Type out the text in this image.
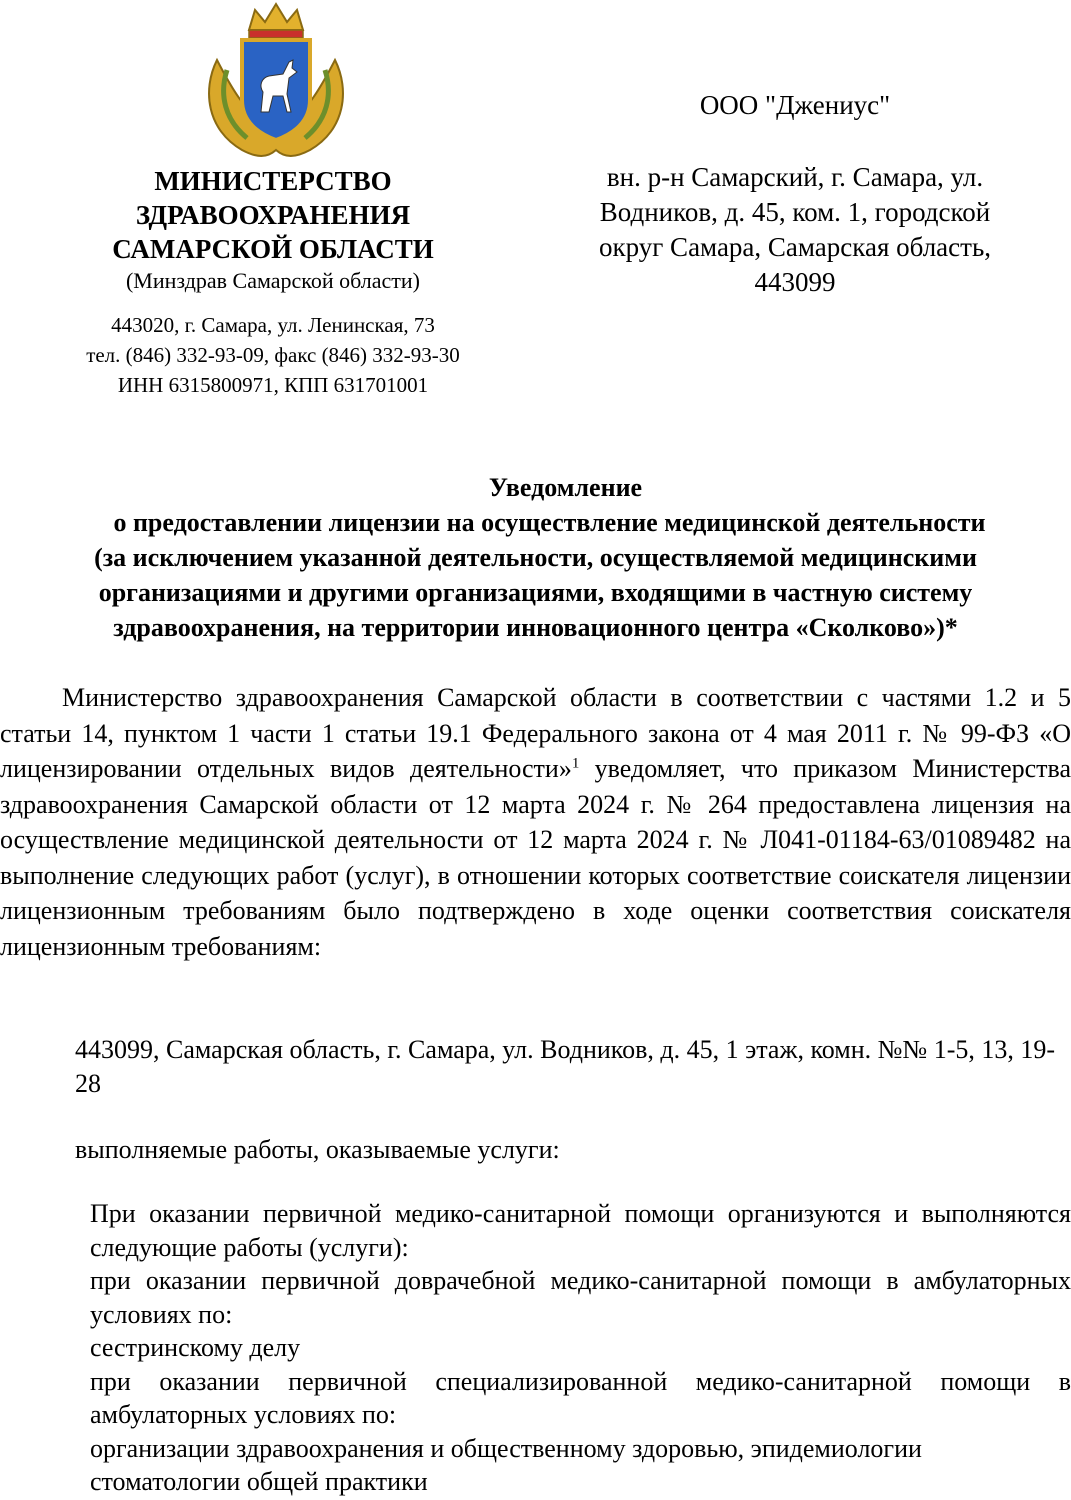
МИНИСТЕРСТВО
ЗДРАВООХРАНЕНИЯ
САМАРСКОЙ ОБЛАСТИ
(Минздрав Самарской области)
443020, г. Самара, ул. Ленинская, 73
тел. (846) 332-93-09, факс (846) 332-93-30
ИНН 6315800971, КПП 631701001
ООО "Джениус"
вн. р-н Самарский, г. Самара, ул.
Водников, д. 45, ком. 1, городской
округ Самара, Самарская область,
443099
Уведомление
о предоставлении лицензии на осуществление медицинской деятельности
(за исключением указанной деятельности, осуществляемой медицинскими
организациями и другими организациями, входящими в частную систему
здравоохранения, на территории инновационного центра «Сколково»)*

Министерство здравоохранения Самарской области в соответствии с частями 1.2 и 5 статьи 14, пунктом 1 части 1 статьи 19.1 Федерального закона от 4 мая 2011 г. № 99-ФЗ «О лицензировании отдельных видов деятельности»$^1$ уведомляет, что приказом Министерства здравоохранения Самарской области от 12 марта 2024 г. № 264 предоставлена лицензия на осуществление медицинской деятельности от 12 марта 2024 г. № Л041-01184-63/01089482 на выполнение следующих работ (услуг), в отношении которых соответствие соискателя лицензии лицензионным требованиям было подтверждено в ходе оценки соответствия соискателя лицензионным требованиям:

443099, Самарская область, г. Самара, ул. Водников, д. 45, 1 этаж, комн. №№ 1-5, 13, 19-28
выполняемые работы, оказываемые услуги:
При оказании первичной медико-санитарной помощи организуются и выполняются следующие работы (услуги):
при оказании первичной доврачебной медико-санитарной помощи в амбулаторных условиях по:
сестринскому делу
при оказании первичной специализированной медико-санитарной помощи в амбулаторных условиях по:
организации здравоохранения и общественному здоровью, эпидемиологии
стоматологии общей практики
